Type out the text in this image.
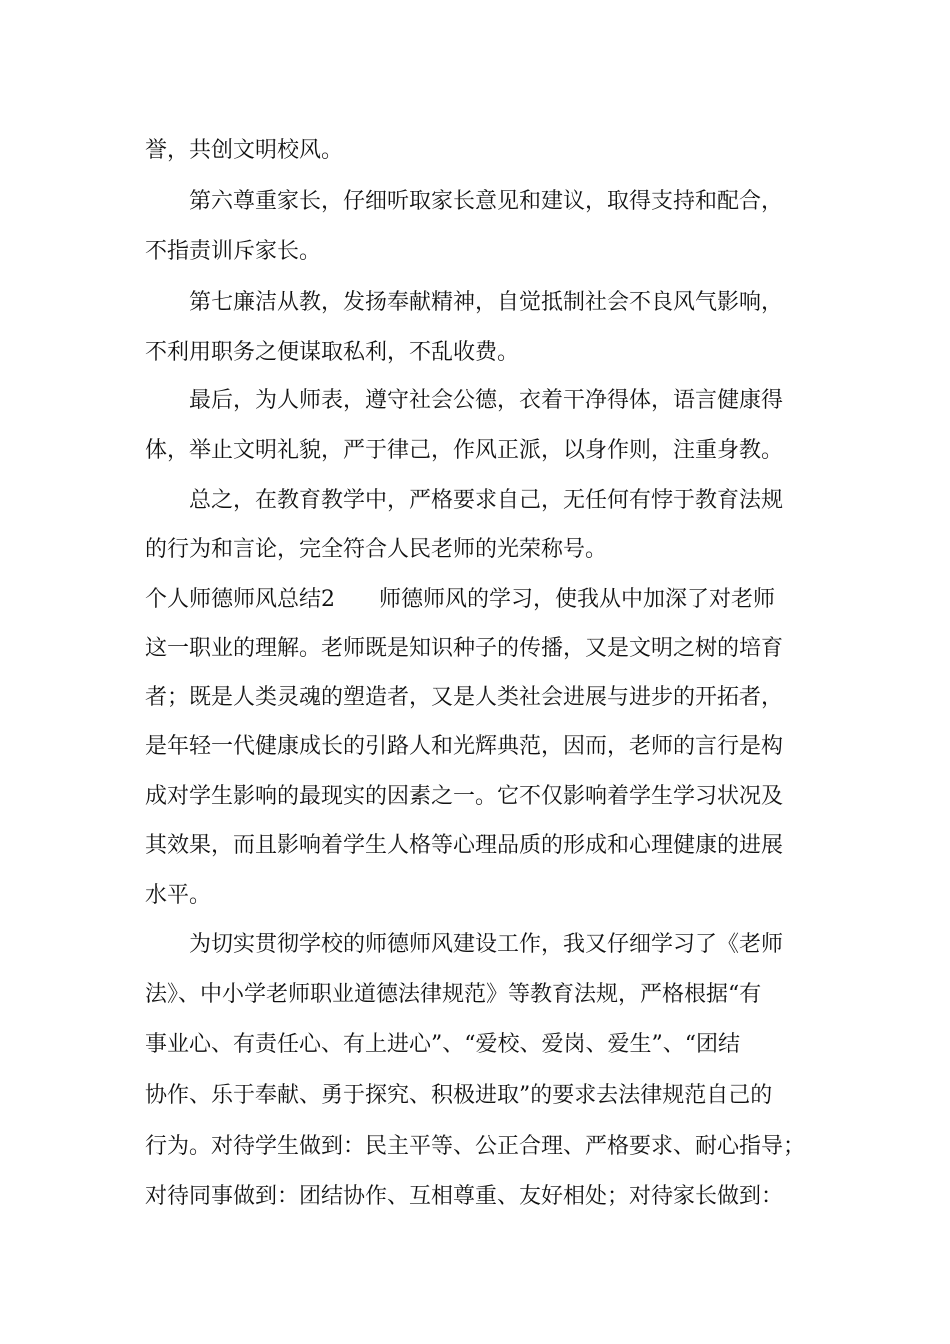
誉，共创文明校风。
　　第六尊重家长，仔细听取家长意见和建议，取得支持和配合，
不指责训斥家长。
　　第七廉洁从教，发扬奉献精神，自觉抵制社会不良风气影响，
不利用职务之便谋取私利，不乱收费。
　　最后，为人师表，遵守社会公德，衣着干净得体，语言健康得
体，举止文明礼貌，严于律己，作风正派，以身作则，注重身教。
　　总之，在教育教学中，严格要求自己，无任何有悖于教育法规
的行为和言论，完全符合人民老师的光荣称号。
个人师德师风总结2　　师德师风的学习，使我从中加深了对老师
这一职业的理解。老师既是知识种子的传播，又是文明之树的培育
者；既是人类灵魂的塑造者，又是人类社会进展与进步的开拓者，
是年轻一代健康成长的引路人和光辉典范，因而，老师的言行是构
成对学生影响的最现实的因素之一。它不仅影响着学生学习状况及
其效果，而且影响着学生人格等心理品质的形成和心理健康的进展
水平。
　　为切实贯彻学校的师德师风建设工作，我又仔细学习了《老师
法》、中小学老师职业道德法律规范》等教育法规，严格根据“有
事业心、有责任心、有上进心”、“爱校、爱岗、爱生”、“团结
协作、乐于奉献、勇于探究、积极进取”的要求去法律规范自己的
行为。对待学生做到：民主平等、公正合理、严格要求、耐心指导；
对待同事做到：团结协作、互相尊重、友好相处；对待家长做到：
